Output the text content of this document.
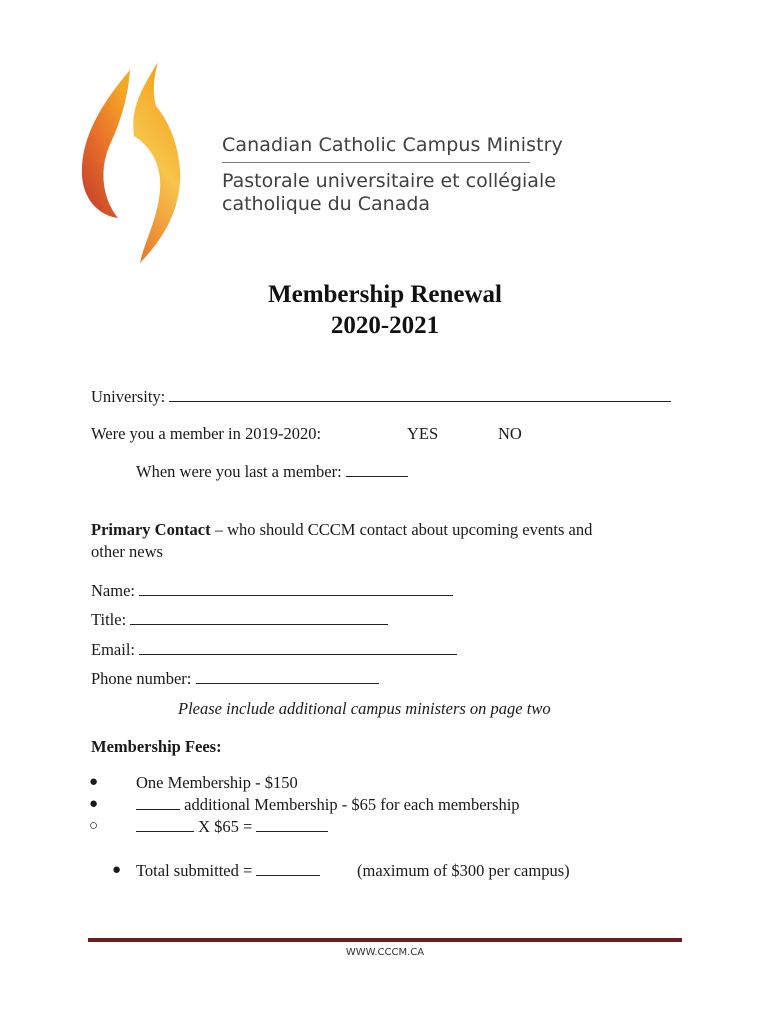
Canadian Catholic Campus Ministry
Pastorale universitaire et collégiale
catholique du Canada
Membership Renewal
2020-2021
University:
Were you a member in 2019-2020:	YES	NO
When were you last a member:
Primary Contact – who should CCCM contact about upcoming events and
other news
Name:
Title:
Email:
Phone number:
Please include additional campus ministers on page two
Membership Fees:
● One Membership - $150
●	additional Membership - $65 for each membership
○	X $65 =
● Total submitted =	(maximum of $300 per campus)
WWW.CCCM.CA
